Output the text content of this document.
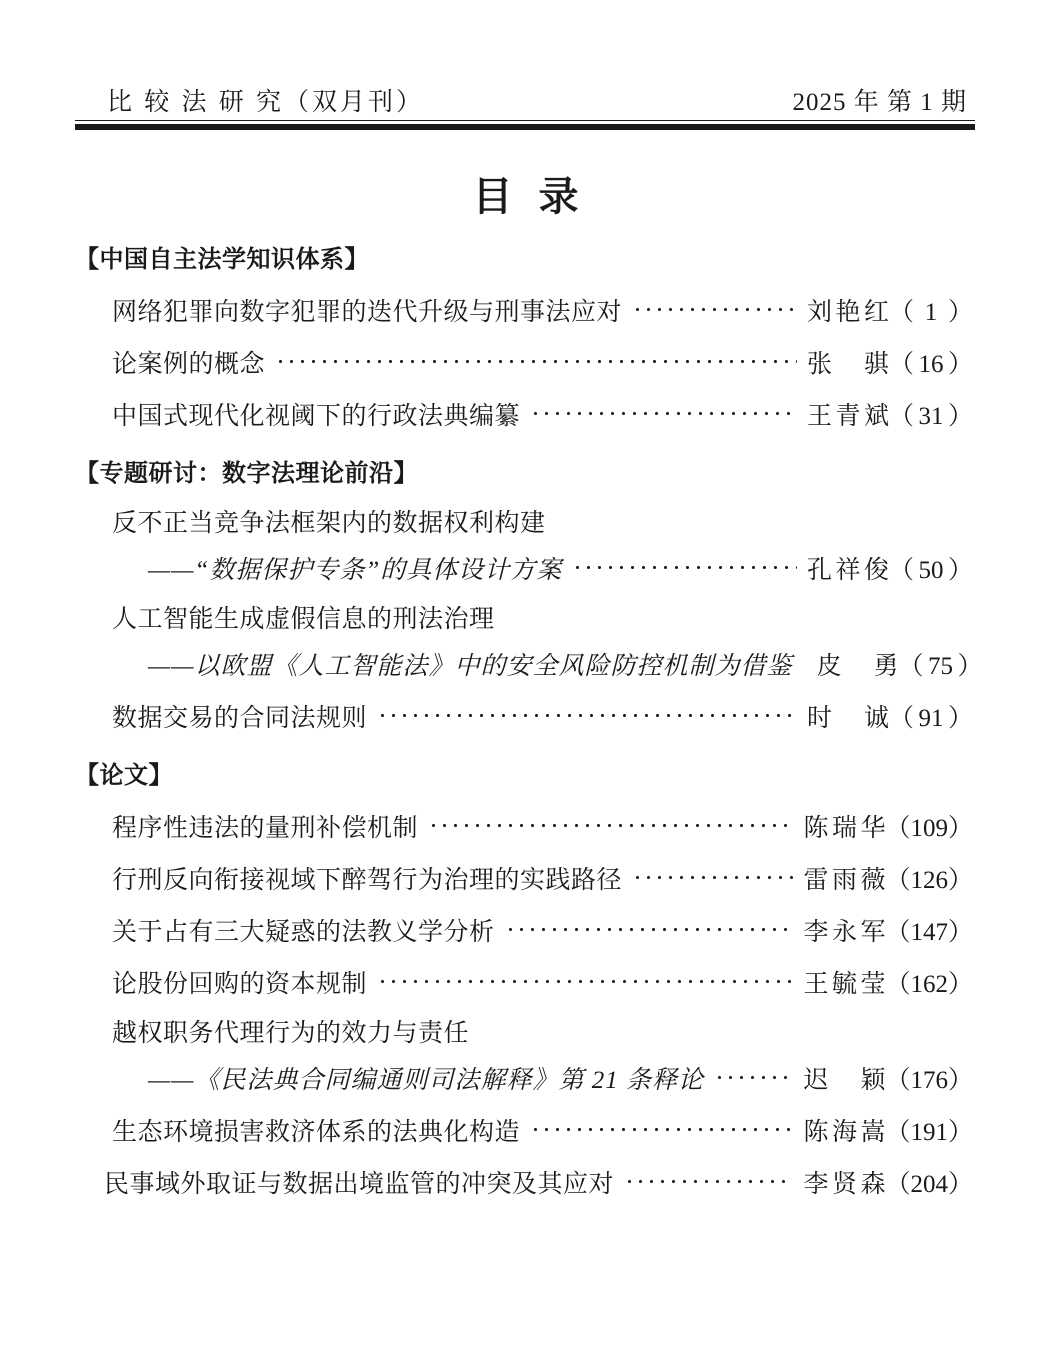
比 较 法 研 究（双月刊）	2025 年 第 1 期
目录
【中国自主法学知识体系】
网络犯罪向数字犯罪的迭代升级与刑事法应对	刘艳红 （ 1 ）
论案例的概念	张　骐 （ 16 ）
中国式现代化视阈下的行政法典编纂	王青斌 （ 31 ）
【专题研讨：数字法理论前沿】
反不正当竞争法框架内的数据权利构建
——“数据保护专条”的具体设计方案	孔祥俊 （ 50 ）
人工智能生成虚假信息的刑法治理
——以欧盟《人工智能法》中的安全风险防控机制为借鉴 皮　勇 （ 75 ）
数据交易的合同法规则	时　诚 （ 91 ）
【论文】
程序性违法的量刑补偿机制	陈瑞华 （109）
行刑反向衔接视域下醉驾行为治理的实践路径	雷雨薇 （126）
关于占有三大疑惑的法教义学分析	李永军 （147）
论股份回购的资本规制	王毓莹 （162）
越权职务代理行为的效力与责任
——《民法典合同编通则司法解释》第 21 条释论	迟　颖 （176）
生态环境损害救济体系的法典化构造	陈海嵩 （191）
民事域外取证与数据出境监管的冲突及其应对	李贤森 （204）
